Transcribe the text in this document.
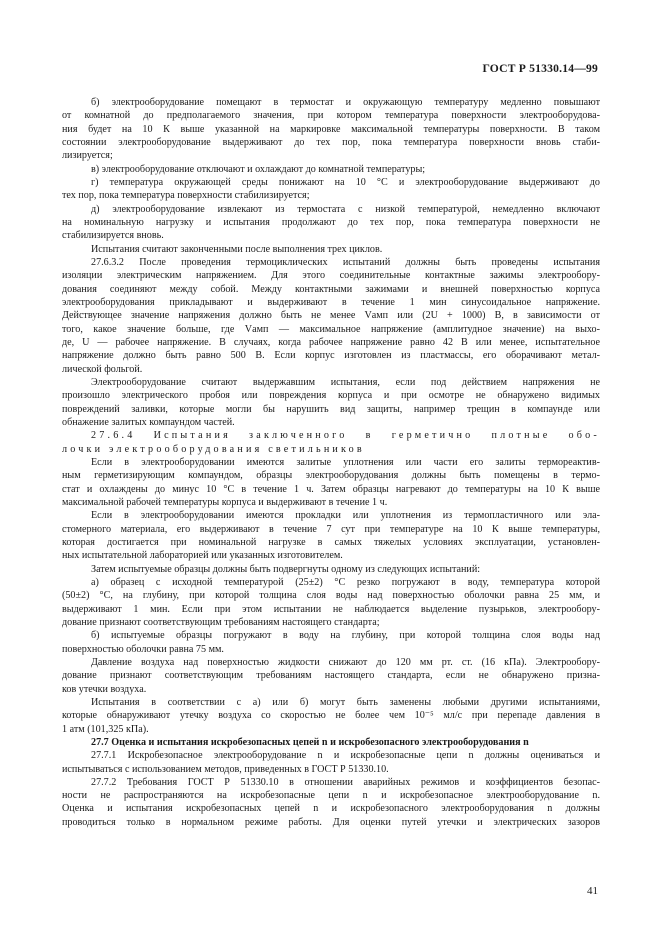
ГОСТ Р 51330.14—99
б) электрооборудование помещают в термостат и окружающую температуру медленно повышают
от комнатной до предполагаемого значения, при котором температура поверхности электрооборудова-
ния будет на 10 К выше указанной на маркировке максимальной температуры поверхности. В таком
состоянии электрооборудование выдерживают до тех пор, пока температура поверхности вновь стаби-
лизируется;
в) электрооборудование отключают и охлаждают до комнатной температуры;
г) температура окружающей среды понижают на 10 °С и электрооборудование выдерживают до
тех пор, пока температура поверхности стабилизируется;
д) электрооборудование извлекают из термостата с низкой температурой, немедленно включают
на номинальную нагрузку и испытания продолжают до тех пор, пока температура поверхности не
стабилизируется вновь.
Испытания считают законченными после выполнения трех циклов.
27.6.3.2 После проведения термоциклических испытаний должны быть проведены испытания
изоляции электрическим напряжением. Для этого соединительные контактные зажимы электрообору-
дования соединяют между собой. Между контактными зажимами и внешней поверхностью корпуса
электрооборудования прикладывают и выдерживают в течение 1 мин синусоидальное напряжение.
Действующее значение напряжения должно быть не менее Vамп или (2U + 1000) В, в зависимости от
того, какое значение больше, где Vамп — максимальное напряжение (амплитудное значение) на выхо-
де, U — рабочее напряжение. В случаях, когда рабочее напряжение равно 42 В или менее, испытательное
напряжение должно быть равно 500 В. Если корпус изготовлен из пластмассы, его оборачивают метал-
лической фольгой.
Электрооборудование считают выдержавшим испытания, если под действием напряжения не
произошло электрического пробоя или повреждения корпуса и при осмотре не обнаружено видимых
повреждений заливки, которые могли бы нарушить вид защиты, например трещин в компаунде или
обнажение залитых компаундом частей.
27.6.4 Испытания заключенного в герметично плотные обо-
лочки электрооборудования светильников
Если в электрооборудовании имеются залитые уплотнения или части его залиты термореактив-
ным герметизирующим компаундом, образцы электрооборудования должны быть помещены в термо-
стат и охлаждены до минус 10 °С в течение 1 ч. Затем образцы нагревают до температуры на 10 К выше
максимальной рабочей температуры корпуса и выдерживают в течение 1 ч.
Если в электрооборудовании имеются прокладки или уплотнения из термопластичного или эла-
стомерного материала, его выдерживают в течение 7 сут при температуре на 10 К выше температуры,
которая достигается при номинальной нагрузке в самых тяжелых условиях эксплуатации, установлен-
ных испытательной лабораторией или указанных изготовителем.
Затем испытуемые образцы должны быть подвергнуты одному из следующих испытаний:
а) образец с исходной температурой (25±2) °С резко погружают в воду, температура которой
(50±2) °С, на глубину, при которой толщина слоя воды над поверхностью оболочки равна 25 мм, и
выдерживают 1 мин. Если при этом испытании не наблюдается выделение пузырьков, электрообору-
дование признают соответствующим требованиям настоящего стандарта;
б) испытуемые образцы погружают в воду на глубину, при которой толщина слоя воды над
поверхностью оболочки равна 75 мм.
Давление воздуха над поверхностью жидкости снижают до 120 мм рт. ст. (16 кПа). Электрообору-
дование признают соответствующим требованиям настоящего стандарта, если не обнаружено призна-
ков утечки воздуха.
Испытания в соответствии с а) или б) могут быть заменены любыми другими испытаниями,
которые обнаруживают утечку воздуха со скоростью не более чем 10⁻⁵ мл/с при перепаде давления в
1 атм (101,325 кПа).
27.7 Оценка и испытания искробезопасных цепей n и искробезопасного электрооборудования n
27.7.1 Искробезопасное электрооборудование n и искробезопасные цепи n должны оцениваться и
испытываться с использованием методов, приведенных в ГОСТ Р 51330.10.
27.7.2 Требования ГОСТ Р 51330.10 в отношении аварийных режимов и коэффициентов безопас-
ности не распространяются на искробезопасные цепи n и искробезопасное электрооборудование n.
Оценка и испытания искробезопасных цепей n и искробезопасного электрооборудования n должны
проводиться только в нормальном режиме работы. Для оценки путей утечки и электрических зазоров
41
